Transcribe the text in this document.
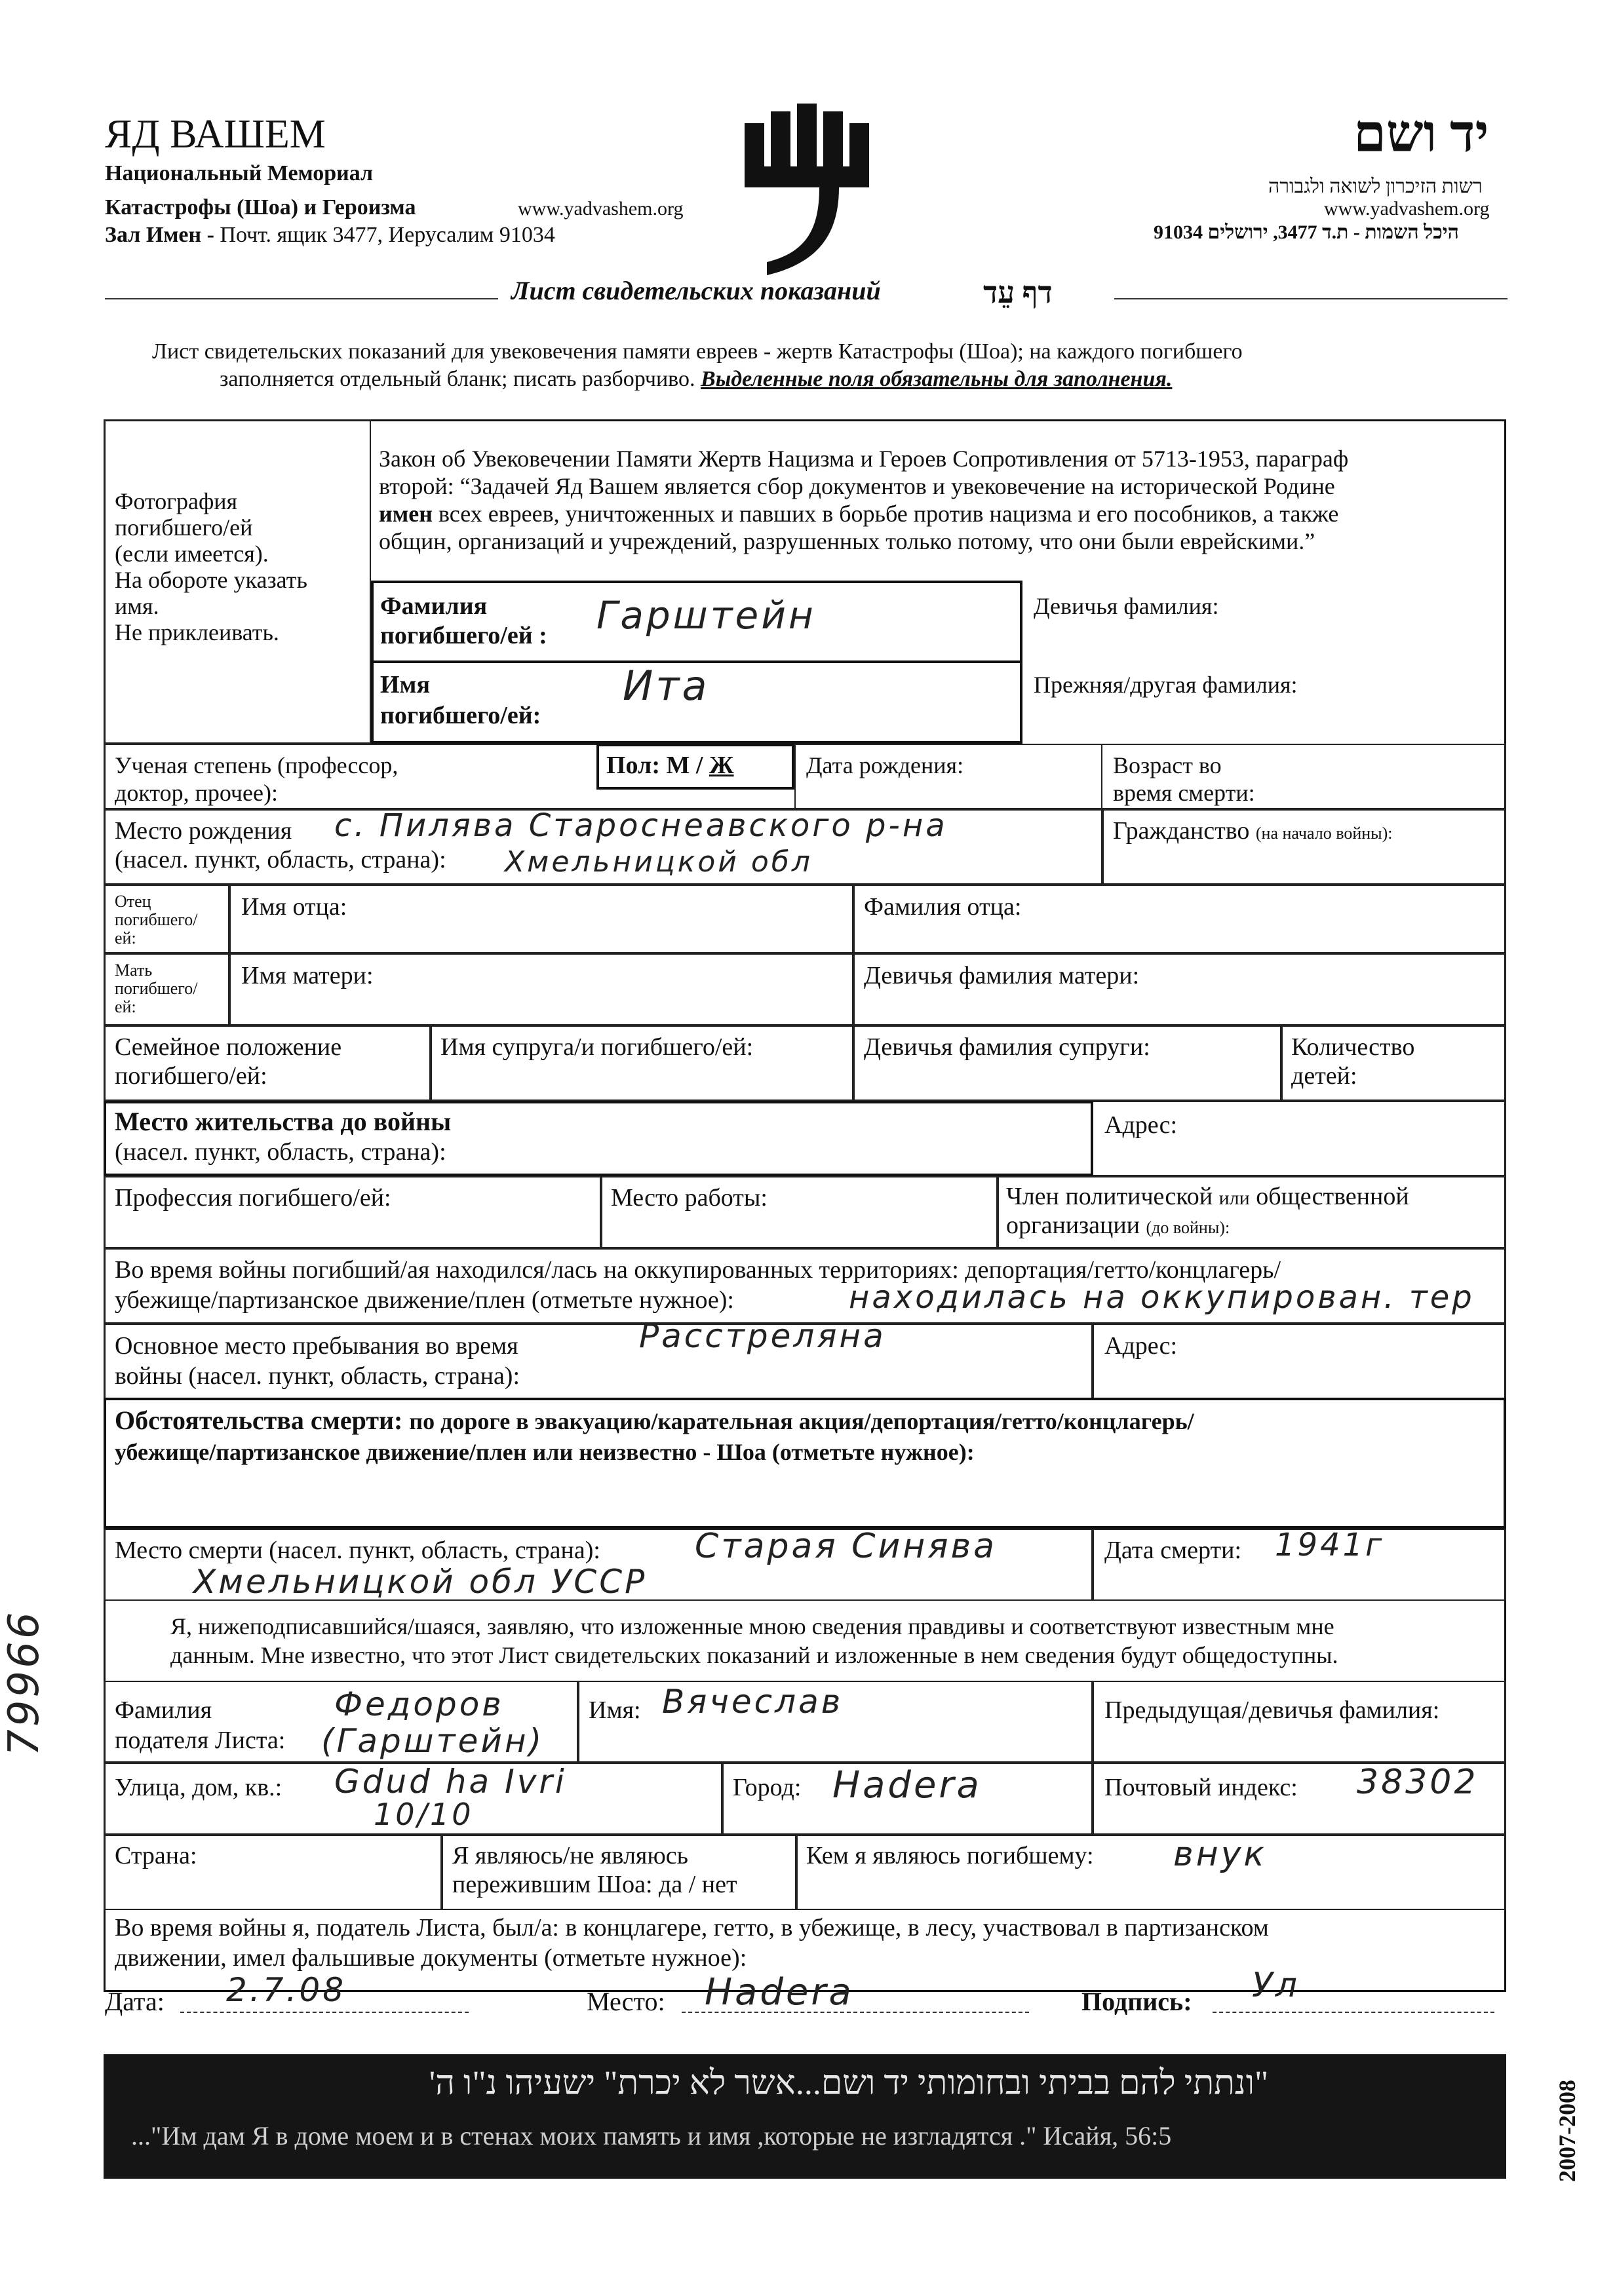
ЯД ВАШЕМ
Национальный Мемориал
Катастрофы (Шоа) и Героизма	www.yadvashem.org
Зал Имен - Почт. ящик 3477, Иерусалим 91034
יד ושם
רשות הזיכרון לשואה ולגבורה
www.yadvashem.org
היכל השמות - ת.ד 3477, ירושלים 91034
Лист свидетельских показаний	דף עֵד
Лист свидетельских показаний для увековечения памяти евреев - жертв Катастрофы (Шоа); на каждого погибшего
заполняется отдельный бланк; писать разборчиво. Выделенные поля обязательны для заполнения.
Фотография
погибшего/ей
(если имеется).
На обороте указать
имя.
Не приклеивать.
Закон об Увековечении Памяти Жертв Нацизма и Героев Сопротивления от 5713-1953, параграф
второй: “Задачей Яд Вашем является сбор документов и увековечение на исторической Родине
имен всех евреев, уничтоженных и павших в борьбе против нацизма и его пособников, а также
общин, организаций и учреждений, разрушенных только потому, что они были еврейскими.”
Фамилия
погибшего/ей : Гарштейн	Девичья фамилия:
Имя
погибшего/ей:
Ита	Прежняя/другая фамилия:
Ученая степень (профессор,
доктор, прочее):
Пол: М / Ж	Дата рождения:	Возраст во
время смерти:
Место рождения
(насел. пункт, область, страна):
с. Пилява Староснеавского р-на
Хмельницкой обл
Гражданство (на начало войны):
Отец
погибшего/
ей:
Имя отца:	Фамилия отца:
Мать
погибшего/
ей:
Имя матери:	Девичья фамилия матери:
Семейное положение
погибшего/ей:
Имя супруга/и погибшего/ей:	Девичья фамилия супруги:	Количество
детей:
Место жительства до войны
(насел. пункт, область, страна):
Адрес:
Профессия погибшего/ей:	Место работы:	Член политической или общественной
организации (до войны):
Во время войны погибший/ая находился/лась на оккупированных территориях: депортация/гетто/концлагерь/
убежище/партизанское движение/плен (отметьте нужное):	находилась на оккупирован. тер
Основное место пребывания во время
войны (насел. пункт, область, страна):
Расстреляна	Адрес:
Обстоятельства смерти: по дороге в эвакуацию/карательная акция/депортация/гетто/концлагерь/
убежище/партизанское движение/плен или неизвестно - Шоа (отметьте нужное):
Место смерти (насел. пункт, область, страна):	Старая Синява
Хмельницкой обл УССР
Дата смерти: 1941г
Я, нижеподписавшийся/шаяся, заявляю, что изложенные мною сведения правдивы и соответствуют известным мне
данным. Мне известно, что этот Лист свидетельских показаний и изложенные в нем сведения будут общедоступны.
Фамилия
подателя Листа:
Федоров
(Гарштейн)
Имя: Вячеслав	Предыдущая/девичья фамилия:
Улица, дом, кв.: Gdud ha Ivri
10/10
Город: Hadera	Почтовый индекс: 38302
Страна:	Я являюсь/не являюсь
пережившим Шоа: да / нет
Кем я являюсь погибшему: внук
Во время войны я, податель Листа, был/а: в концлагере, гетто, в убежище, в лесу, участвовал в партизанском
движении, имел фальшивые документы (отметьте нужное):
Дата: 2.7.08	Место: Hadera	Подпись: Ул
79966
"ונתתי להם בביתי ובחומותי יד ושם...אשר לא יכרת" ישעיהו נ"ו ה'
..."Им дам Я в доме моем и в стенах моих память и имя ,которые не изгладятся ." Исайя, 56:5	2007-2008
